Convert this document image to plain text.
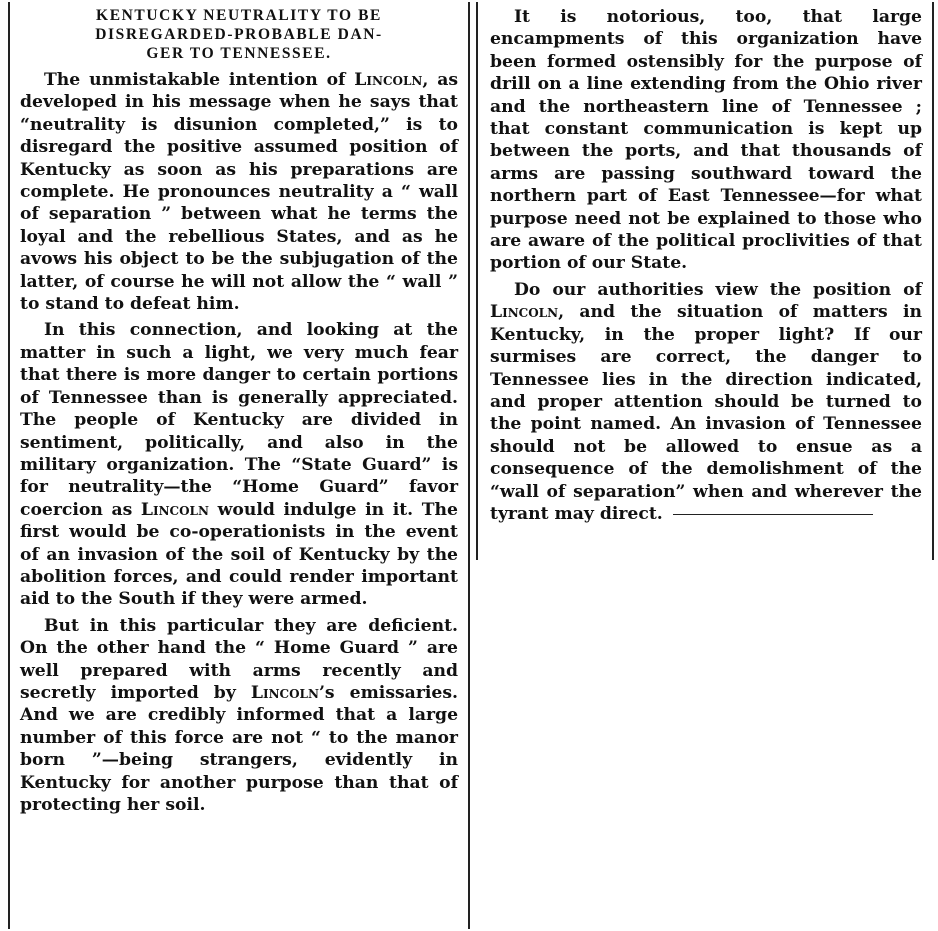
KENTUCKY NEUTRALITY TO BE
DISREGARDED-PROBABLE DAN-
GER TO TENNESSEE.

The unmistakable intention of Lincoln, as developed in his message when he says that “neutrality is disunion completed,” is to disregard the positive assumed position of Kentucky as soon as his preparations are complete. He pronounces neutrality a “ wall of separation ” between what he terms the loyal and the rebellious States, and as he avows his object to be the subjugation of the latter, of course he will not allow the “ wall ” to stand to defeat him.

In this connection, and looking at the matter in such a light, we very much fear that there is more danger to certain portions of Tennessee than is generally appreciated. The people of Kentucky are divided in sentiment, politically, and also in the military organization. The “State Guard” is for neutrality—the “Home Guard” favor coercion as Lincoln would indulge in it. The first would be co-operationists in the event of an invasion of the soil of Kentucky by the abolition forces, and could render important aid to the South if they were armed.

But in this particular they are deficient. On the other hand the “ Home Guard ” are well prepared with arms recently and secretly imported by Lincoln’s emissaries. And we are credibly informed that a large number of this force are not “ to the manor born ”—being strangers, evidently in Kentucky for another purpose than that of protecting her soil.

It is notorious, too, that large encampments of this organization have been formed ostensibly for the purpose of drill on a line extending from the Ohio river and the northeastern line of Tennessee ; that constant communication is kept up between the ports, and that thousands of arms are passing southward toward the northern part of East Tennessee—for what purpose need not be explained to those who are aware of the political proclivities of that portion of our State.

Do our authorities view the position of Lincoln, and the situation of matters in Kentucky, in the proper light? If our surmises are correct, the danger to Tennessee lies in the direction indicated, and proper attention should be turned to the point named. An invasion of Tennessee should not be allowed to ensue as a consequence of the demolishment of the “wall of separation” when and wherever the tyrant may direct.
